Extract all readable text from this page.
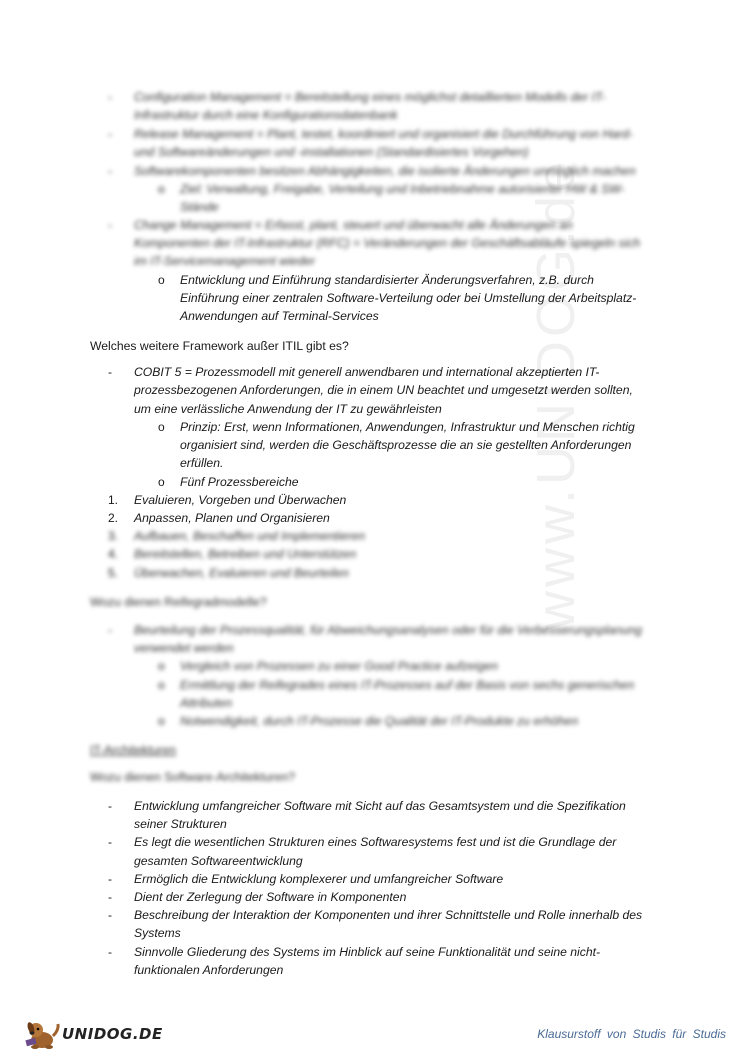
www.UNIDOG.de
- Configuration Management = Bereitstellung eines möglichst detaillierten Modells der IT-
Infrastruktur durch eine Konfigurationsdatenbank
- Release Management = Plant, testet, koordiniert und organisiert die Durchführung von Hard-
und Softwareänderungen und -installationen (Standardisiertes Vorgehen)
- Softwarekomponenten besitzen Abhängigkeiten, die isolierte Änderungen unmöglich machen
o Ziel: Verwaltung, Freigabe, Verteilung und Inbetriebnahme autorisierter HW & SW-
Stände
- Change Management = Erfasst, plant, steuert und überwacht alle Änderungen an
Komponenten der IT-Infrastruktur (RFC) = Veränderungen der Geschäftsabläufe spiegeln sich
im IT-Servicemanagement wieder
o Entwicklung und Einführung standardisierter Änderungsverfahren, z.B. durch
Einführung einer zentralen Software-Verteilung oder bei Umstellung der Arbeitsplatz-
Anwendungen auf Terminal-Services
Welches weitere Framework außer ITIL gibt es?
- COBIT 5 = Prozessmodell mit generell anwendbaren und international akzeptierten IT-
prozessbezogenen Anforderungen, die in einem UN beachtet und umgesetzt werden sollten,
um eine verlässliche Anwendung der IT zu gewährleisten
o Prinzip: Erst, wenn Informationen, Anwendungen, Infrastruktur und Menschen richtig
organisiert sind, werden die Geschäftsprozesse die an sie gestellten Anforderungen
erfüllen.
o Fünf Prozessbereiche
1. Evaluieren, Vorgeben und Überwachen
2. Anpassen, Planen und Organisieren
3. Aufbauen, Beschaffen und Implementieren
4. Bereitstellen, Betreiben und Unterstützen
5. Überwachen, Evaluieren und Beurteilen
Wozu dienen Reifegradmodelle?
- Beurteilung der Prozessqualität, für Abweichungsanalysen oder für die Verbesserungsplanung
verwendet werden
o Vergleich von Prozessen zu einer Good Practice aufzeigen
o Ermittlung der Reifegrades eines IT-Prozesses auf der Basis von sechs generischen
Attributen
o Notwendigkeit, durch IT-Prozesse die Qualität der IT-Produkte zu erhöhen
IT-Architekturen
Wozu dienen Software-Architekturen?
- Entwicklung umfangreicher Software mit Sicht auf das Gesamtsystem und die Spezifikation
seiner Strukturen
- Es legt die wesentlichen Strukturen eines Softwaresystems fest und ist die Grundlage der
gesamten Softwareentwicklung
- Ermöglich die Entwicklung komplexerer und umfangreicher Software
- Dient der Zerlegung der Software in Komponenten
- Beschreibung der Interaktion der Komponenten und ihrer Schnittstelle und Rolle innerhalb des
Systems
- Sinnvolle Gliederung des Systems im Hinblick auf seine Funktionalität und seine nicht-
funktionalen Anforderungen
UNIDOG.DE	Klausurstoff von Studis für Studis
